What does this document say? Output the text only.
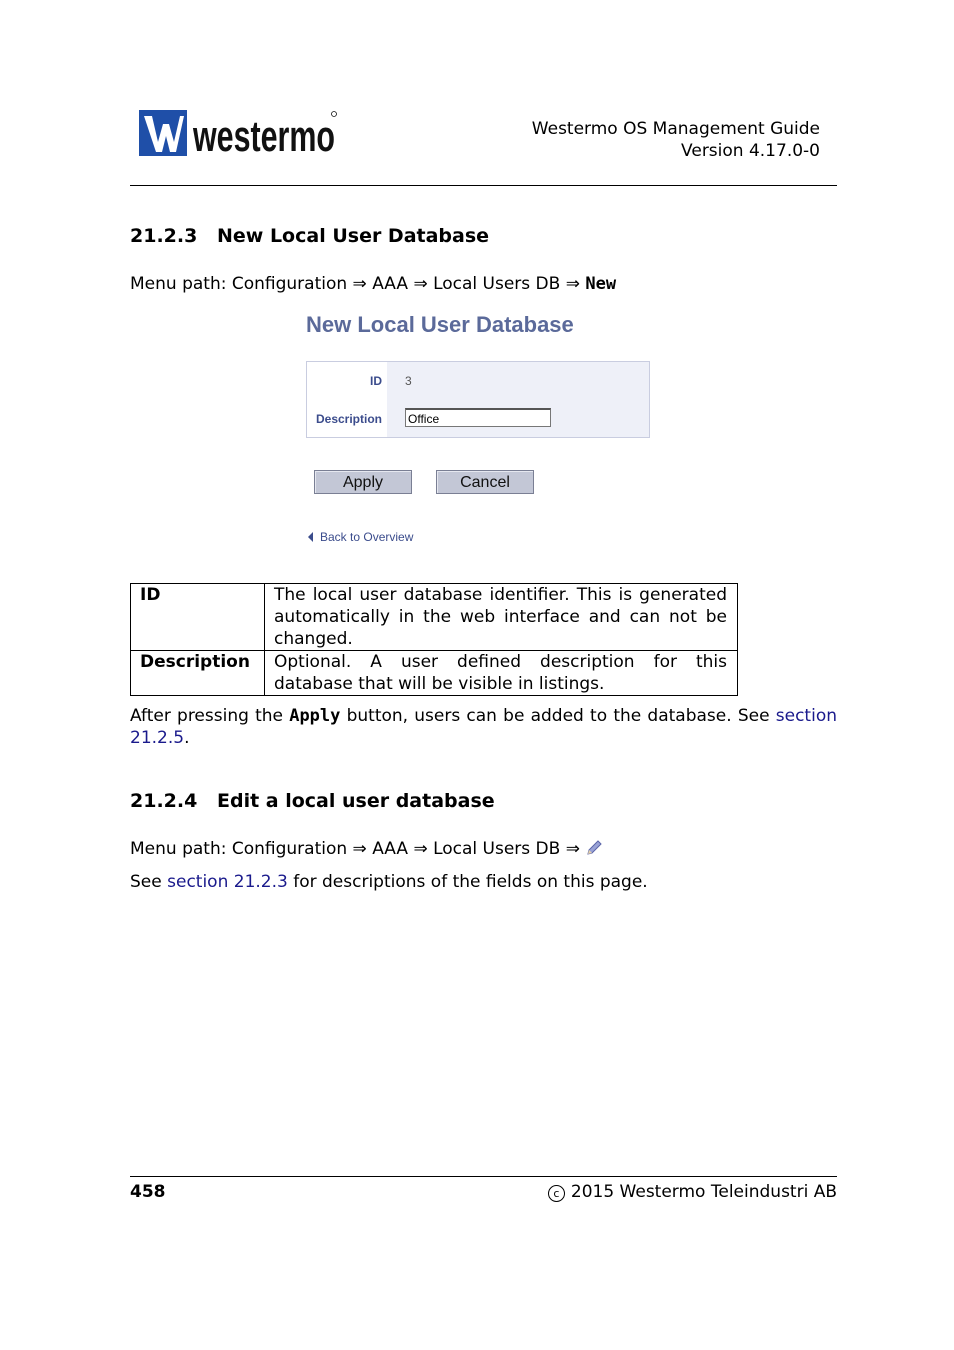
westermo	Westermo OS Management Guide
Version 4.17.0-0
21.2.3 New Local User Database
Menu path: Configuration ⇒ AAA ⇒ Local Users DB ⇒ New
New Local User Database
ID 3
Description Office
Apply	Cancel
Back to Overview
ID	The local user database identifier. This is generated automatically in the web interface and can not be changed.
Description	Optional. A user defined description for this database that will be visible in listings.
After pressing the Apply button, users can be added to the database. See section 21.2.5.
21.2.4 Edit a local user database
Menu path: Configuration ⇒ AAA ⇒ Local Users DB ⇒
See section 21.2.3 for descriptions of the fields on this page.
458	c 2015 Westermo Teleindustri AB
